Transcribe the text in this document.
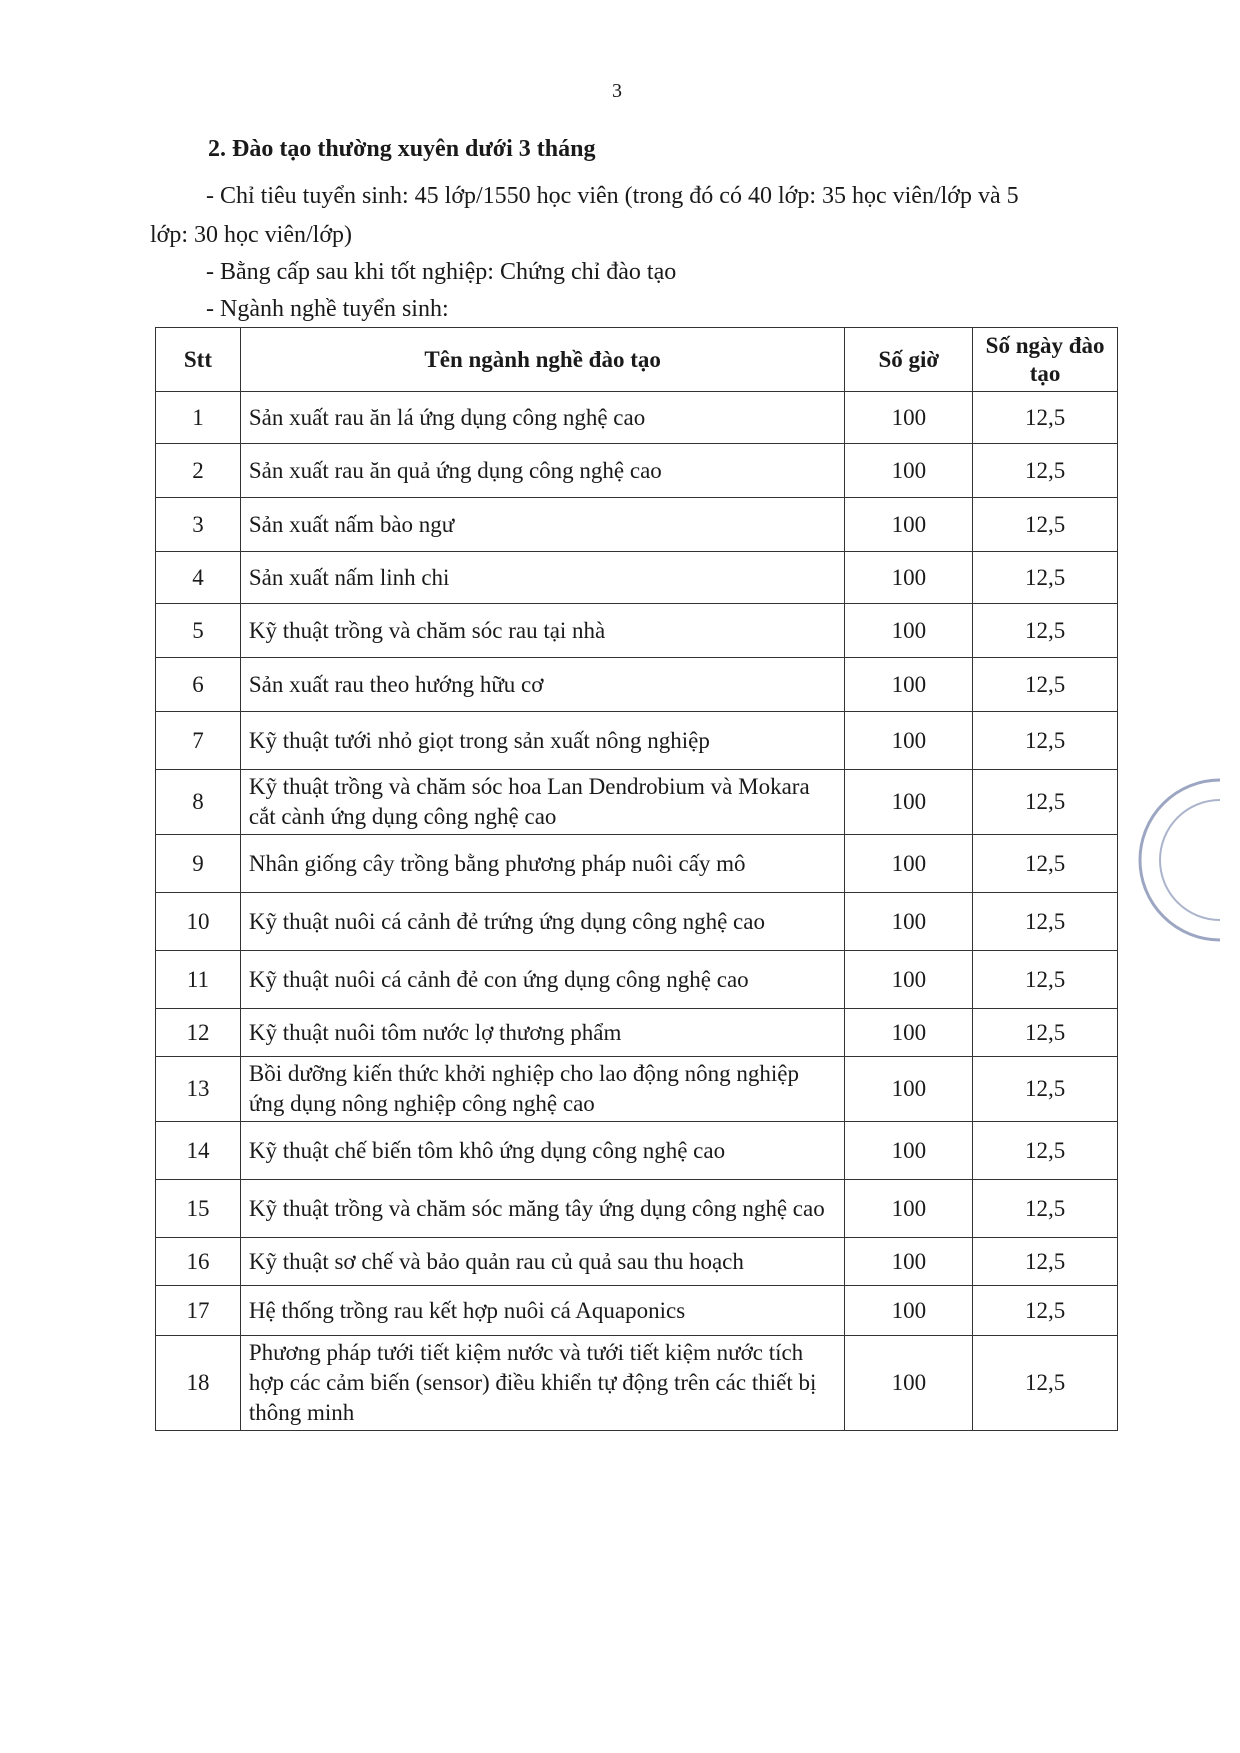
3
2. Đào tạo thường xuyên dưới 3 tháng
- Chỉ tiêu tuyển sinh: 45 lớp/1550 học viên (trong đó có 40 lớp: 35 học viên/lớp và 5
lớp: 30 học viên/lớp)
- Bằng cấp sau khi tốt nghiệp: Chứng chỉ đào tạo
- Ngành nghề tuyển sinh:
Stt	Tên ngành nghề đào tạo	Số giờ	Số ngày đào tạo
1	Sản xuất rau ăn lá ứng dụng công nghệ cao	100	12,5
2	Sản xuất rau ăn quả ứng dụng công nghệ cao	100	12,5
3	Sản xuất nấm bào ngư	100	12,5
4	Sản xuất nấm linh chi	100	12,5
5	Kỹ thuật trồng và chăm sóc rau tại nhà	100	12,5
6	Sản xuất rau theo hướng hữu cơ	100	12,5
7	Kỹ thuật tưới nhỏ giọt trong sản xuất nông nghiệp	100	12,5
8	Kỹ thuật trồng và chăm sóc hoa Lan Dendrobium và Mokara cắt cành ứng dụng công nghệ cao	100	12,5
9	Nhân giống cây trồng bằng phương pháp nuôi cấy mô	100	12,5
10	Kỹ thuật nuôi cá cảnh đẻ trứng ứng dụng công nghệ cao	100	12,5
11	Kỹ thuật nuôi cá cảnh đẻ con ứng dụng công nghệ cao	100	12,5
12	Kỹ thuật nuôi tôm nước lợ thương phẩm	100	12,5
13	Bồi dưỡng kiến thức khởi nghiệp cho lao động nông nghiệp ứng dụng nông nghiệp công nghệ cao	100	12,5
14	Kỹ thuật chế biến tôm khô ứng dụng công nghệ cao	100	12,5
15	Kỹ thuật trồng và chăm sóc măng tây ứng dụng công nghệ cao	100	12,5
16	Kỹ thuật sơ chế và bảo quản rau củ quả sau thu hoạch	100	12,5
17	Hệ thống trồng rau kết hợp nuôi cá Aquaponics	100	12,5
18	Phương pháp tưới tiết kiệm nước và tưới tiết kiệm nước tích hợp các cảm biến (sensor) điều khiển tự động trên các thiết bị thông minh	100	12,5
